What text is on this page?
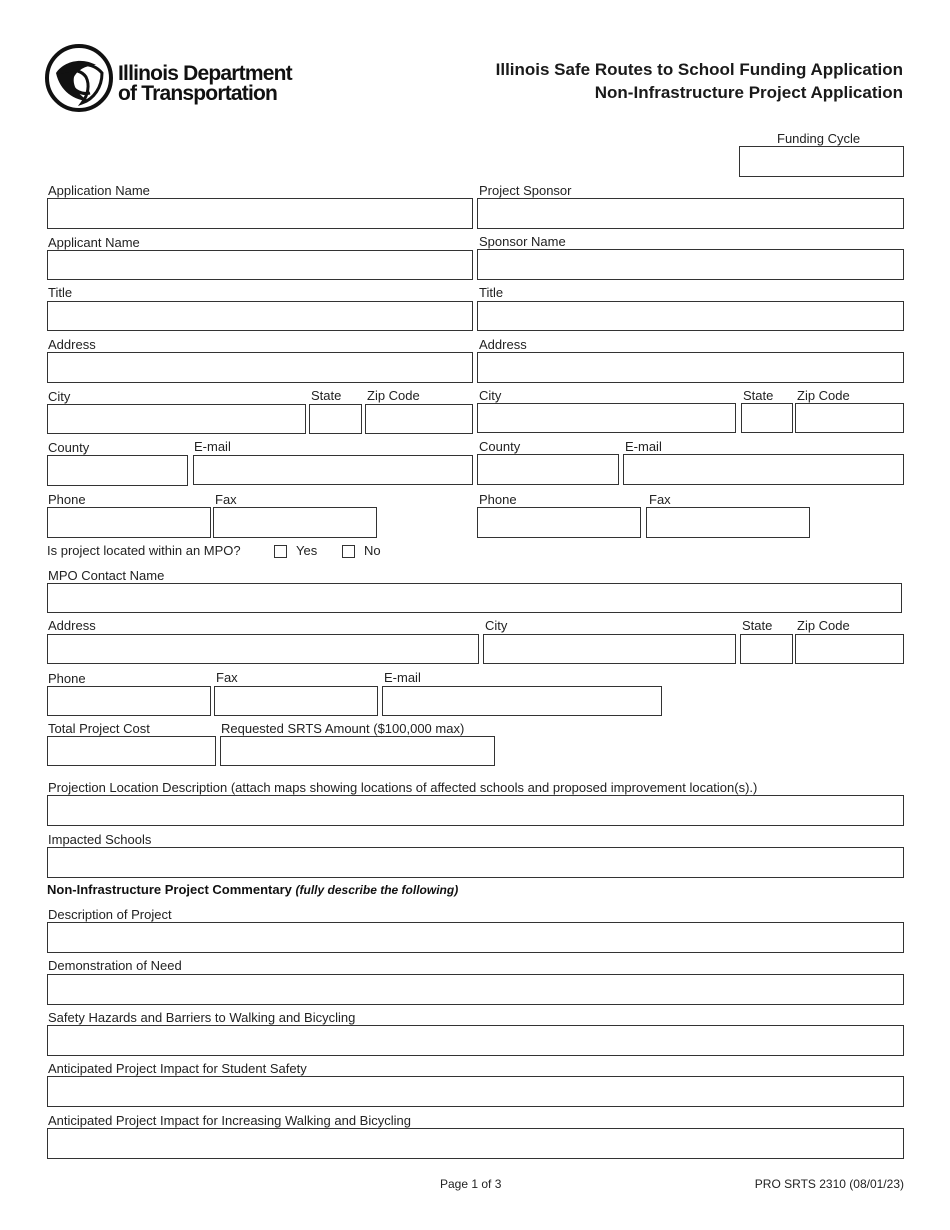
Illinois Department
of Transportation
Illinois Safe Routes to School Funding Application
Non-Infrastructure Project Application
Funding Cycle
Application Name	Project Sponsor
Applicant Name	Sponsor Name
Title	Title
Address	Address
City	State Zip Code	City	State Zip Code
County	E-mail	County	E-mail
Phone	Fax	Phone	Fax
Is project located within an MPO?	Yes	No
MPO Contact Name
Address	City	State Zip Code
Phone	Fax	E-mail
Total Project Cost	Requested SRTS Amount ($100,000 max)
Projection Location Description (attach maps showing locations of affected schools and proposed improvement location(s).)
Impacted Schools
Non-Infrastructure Project Commentary (fully describe the following)
Description of Project
Demonstration of Need
Safety Hazards and Barriers to Walking and Bicycling
Anticipated Project Impact for Student Safety
Anticipated Project Impact for Increasing Walking and Bicycling
Page 1 of 3	PRO SRTS 2310 (08/01/23)
